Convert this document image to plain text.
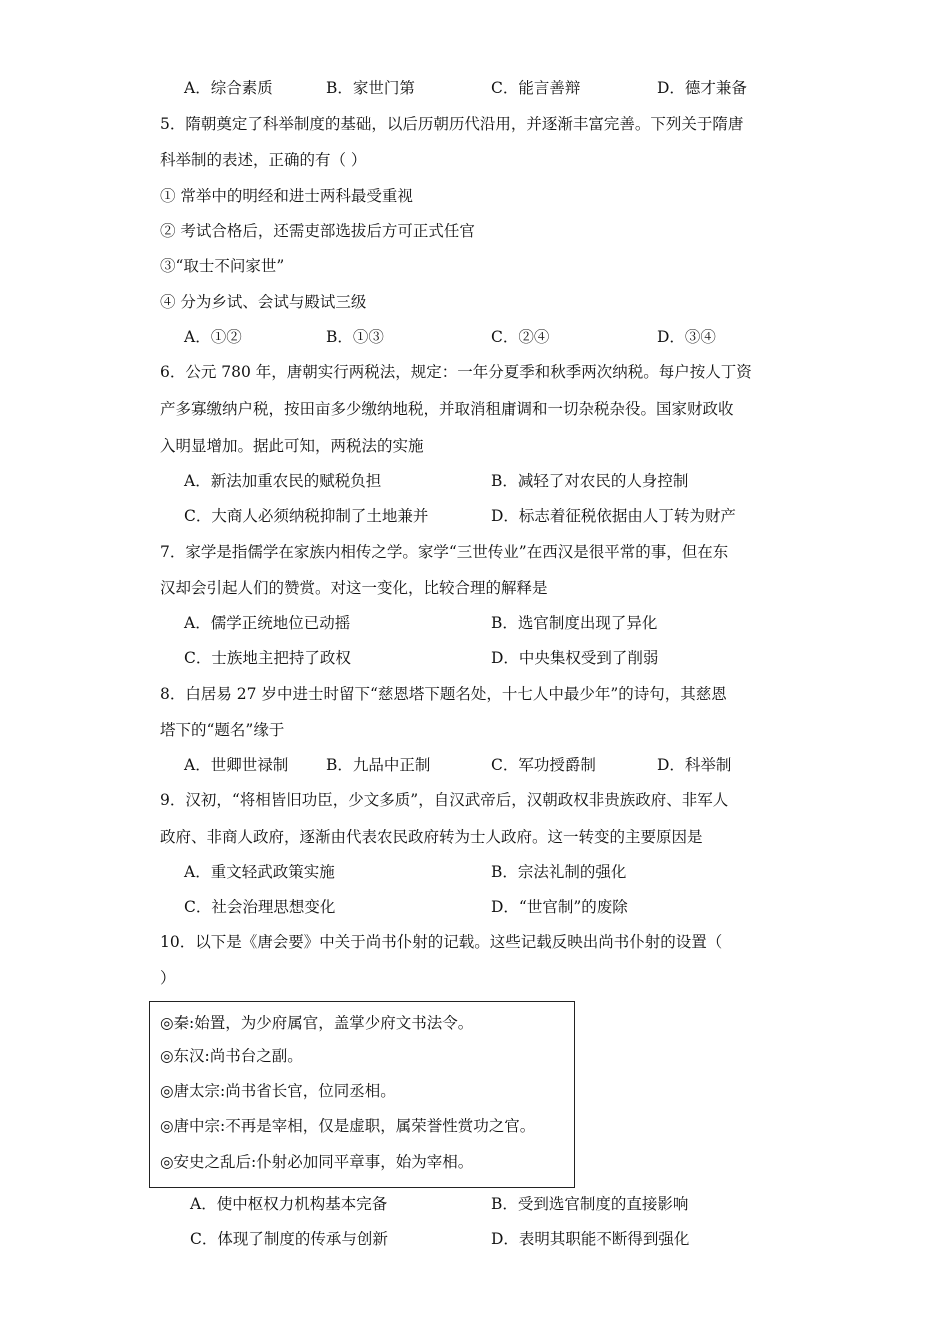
A．综合素质	B．家世门第	C．能言善辩	D．德才兼备
5．隋朝奠定了科举制度的基础，以后历朝历代沿用，并逐渐丰富完善。下列关于隋唐
科举制的表述，正确的有（ ）
① 常举中的明经和进士两科最受重视
② 考试合格后，还需吏部选拔后方可正式任官
③“取士不问家世”
④ 分为乡试、会试与殿试三级
A．①②	B．①③	C．②④	D．③④
6．公元 780 年，唐朝实行两税法，规定：一年分夏季和秋季两次纳税。每户按人丁资
产多寡缴纳户税，按田亩多少缴纳地税，并取消租庸调和一切杂税杂役。国家财政收
入明显增加。据此可知，两税法的实施
A．新法加重农民的赋税负担	B．减轻了对农民的人身控制
C．大商人必须纳税抑制了土地兼并	D．标志着征税依据由人丁转为财产
7．家学是指儒学在家族内相传之学。家学“三世传业”在西汉是很平常的事，但在东
汉却会引起人们的赞赏。对这一变化，比较合理的解释是
A．儒学正统地位已动摇	B．选官制度出现了异化
C．士族地主把持了政权	D．中央集权受到了削弱
8．白居易 27 岁中进士时留下“慈恩塔下题名处，十七人中最少年”的诗句，其慈恩
塔下的“题名”缘于
A．世卿世禄制 B．九品中正制	C．军功授爵制	D．科举制
9．汉初，“将相皆旧功臣，少文多质”，自汉武帝后，汉朝政权非贵族政府、非军人
政府、非商人政府，逐渐由代表农民政府转为士人政府。这一转变的主要原因是
A．重文轻武政策实施	B．宗法礼制的强化
C．社会治理思想变化	D．“世官制”的废除
10．以下是《唐会要》中关于尚书仆射的记载。这些记载反映出尚书仆射的设置（
）
◎秦:始置，为少府属官，盖掌少府文书法令。
◎东汉:尚书台之副。
◎唐太宗:尚书省长官，位同丞相。
◎唐中宗:不再是宰相，仅是虚职，属荣誉性赏功之官。
◎安史之乱后:仆射必加同平章事，始为宰相。
A．使中枢权力机构基本完备	B．受到选官制度的直接影响
C．体现了制度的传承与创新	D．表明其职能不断得到强化
